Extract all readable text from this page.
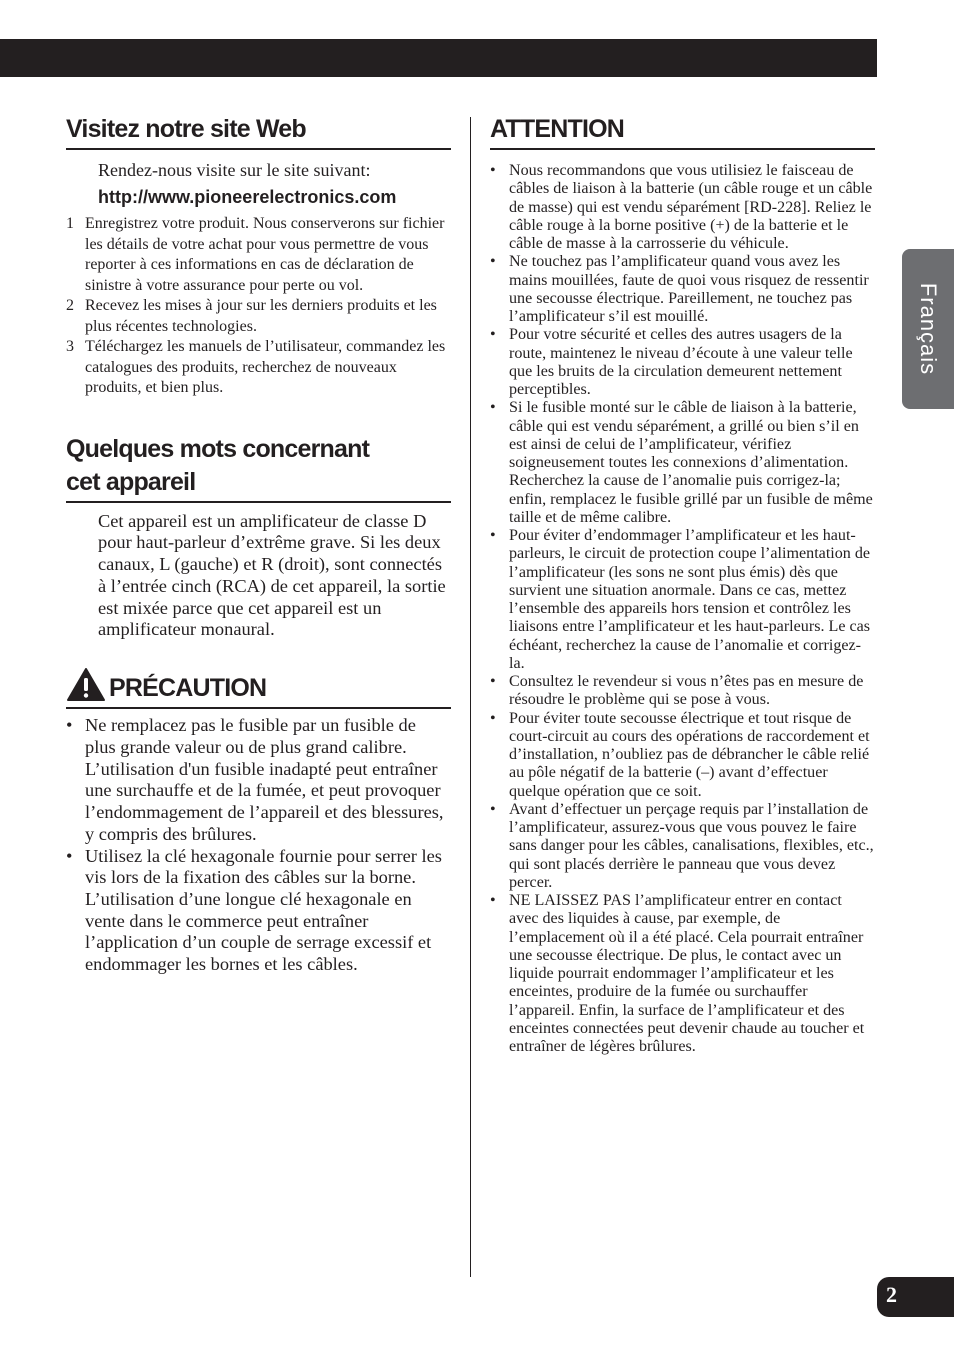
Français
Visitez notre site Web
Rendez-nous visite sur le site suivant:
http://www.pioneerelectronics.com
1 Enregistrez votre produit. Nous conserverons sur fichier les détails de votre achat pour vous permettre de vous reporter à ces informations en cas de déclaration de sinistre à votre assurance pour perte ou vol.
2 Recevez les mises à jour sur les derniers produits et les plus récentes technologies.
3 Téléchargez les manuels de l’utilisateur, commandez les catalogues des produits, recherchez de nouveaux produits, et bien plus.
Quelques mots concernant
cet appareil
Cet appareil est un amplificateur de classe D pour haut-parleur d’extrême grave. Si les deux canaux, L (gauche) et R (droit), sont connectés à l’entrée cinch (RCA) de cet appareil, la sortie est mixée parce que cet appareil est un amplificateur monaural.
PRÉCAUTION
• Ne remplacez pas le fusible par un fusible de plus grande valeur ou de plus grand calibre. L’utilisation d'un fusible inadapté peut entraîner une surchauffe et de la fumée, et peut provoquer l’endommagement de l’appareil et des blessures, y compris des brûlures.
• Utilisez la clé hexagonale fournie pour serrer les vis lors de la fixation des câbles sur la borne. L’utilisation d’une longue clé hexagonale en vente dans le commerce peut entraîner l’application d’un couple de serrage excessif et endommager les bornes et les câbles.
ATTENTION
• Nous recommandons que vous utilisiez le faisceau de câbles de liaison à la batterie (un câble rouge et un câble de masse) qui est vendu séparément [RD-228]. Reliez le câble rouge à la borne positive (+) de la batterie et le câble de masse à la carrosserie du véhicule.
• Ne touchez pas l’amplificateur quand vous avez les mains mouillées, faute de quoi vous risquez de ressentir une secousse électrique. Pareillement, ne touchez pas l’amplificateur s’il est mouillé.
• Pour votre sécurité et celles des autres usagers de la route, maintenez le niveau d’écoute à une valeur telle que les bruits de la circulation demeurent nettement perceptibles.
• Si le fusible monté sur le câble de liaison à la batterie, câble qui est vendu séparément, a grillé ou bien s’il en est ainsi de celui de l’amplificateur, vérifiez soigneusement toutes les connexions d’alimentation. Recherchez la cause de l’anomalie puis corrigez-la; enfin, remplacez le fusible grillé par un fusible de même taille et de même calibre.
• Pour éviter d’endommager l’amplificateur et les haut-parleurs, le circuit de protection coupe l’alimentation de l’amplificateur (les sons ne sont plus émis) dès que survient une situation anormale. Dans ce cas, mettez l’ensemble des appareils hors tension et contrôlez les liaisons entre l’amplificateur et les haut-parleurs. Le cas échéant, recherchez la cause de l’anomalie et corrigez-la.
• Consultez le revendeur si vous n’êtes pas en mesure de résoudre le problème qui se pose à vous.
• Pour éviter toute secousse électrique et tout risque de court-circuit au cours des opérations de raccordement et d’installation, n’oubliez pas de débrancher le câble relié au pôle négatif de la batterie (–) avant d’effectuer quelque opération que ce soit.
• Avant d’effectuer un perçage requis par l’installation de l’amplificateur, assurez-vous que vous pouvez le faire sans danger pour les câbles, canalisations, flexibles, etc., qui sont placés derrière le panneau que vous devez percer.
• NE LAISSEZ PAS l’amplificateur entrer en contact avec des liquides à cause, par exemple, de l’emplacement où il a été placé. Cela pourrait entraîner une secousse électrique. De plus, le contact avec un liquide pourrait endommager l’amplificateur et les enceintes, produire de la fumée ou surchauffer l’appareil. Enfin, la surface de l’amplificateur et des enceintes connectées peut devenir chaude au toucher et entraîner de légères brûlures.
2
